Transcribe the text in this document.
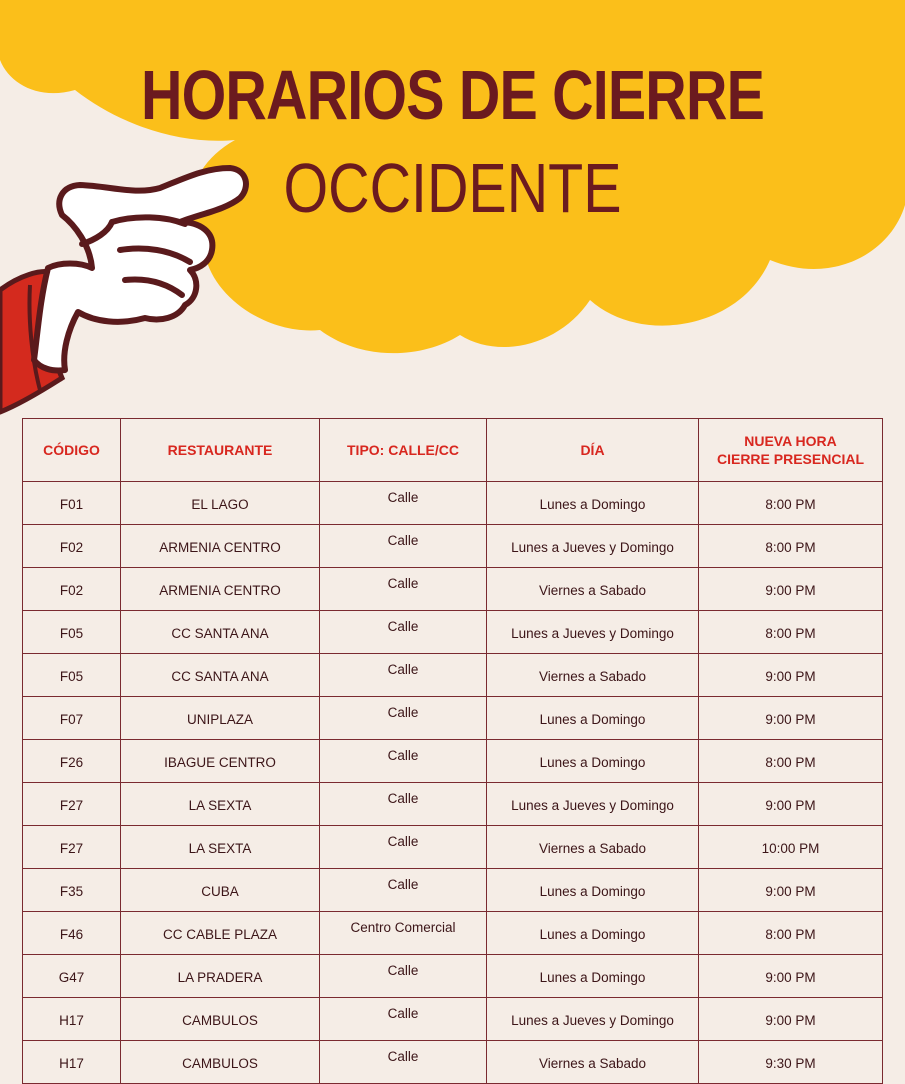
HORARIOS DE CIERRE
OCCIDENTE
CÓDIGO	RESTAURANTE	TIPO: CALLE/CC	DÍA	NUEVA HORA
CIERRE PRESENCIAL
F01	EL LAGO	Calle	Lunes a Domingo	8:00 PM
F02	ARMENIA CENTRO	Calle	Lunes a Jueves y Domingo	8:00 PM
F02	ARMENIA CENTRO	Calle	Viernes a Sabado	9:00 PM
F05	CC SANTA ANA	Calle	Lunes a Jueves y Domingo	8:00 PM
F05	CC SANTA ANA	Calle	Viernes a Sabado	9:00 PM
F07	UNIPLAZA	Calle	Lunes a Domingo	9:00 PM
F26	IBAGUE CENTRO	Calle	Lunes a Domingo	8:00 PM
F27	LA SEXTA	Calle	Lunes a Jueves y Domingo	9:00 PM
F27	LA SEXTA	Calle	Viernes a Sabado	10:00 PM
F35	CUBA	Calle	Lunes a Domingo	9:00 PM
F46	CC CABLE PLAZA	Centro Comercial	Lunes a Domingo	8:00 PM
G47	LA PRADERA	Calle	Lunes a Domingo	9:00 PM
H17	CAMBULOS	Calle	Lunes a Jueves y Domingo	9:00 PM
H17	CAMBULOS	Calle	Viernes a Sabado	9:30 PM
